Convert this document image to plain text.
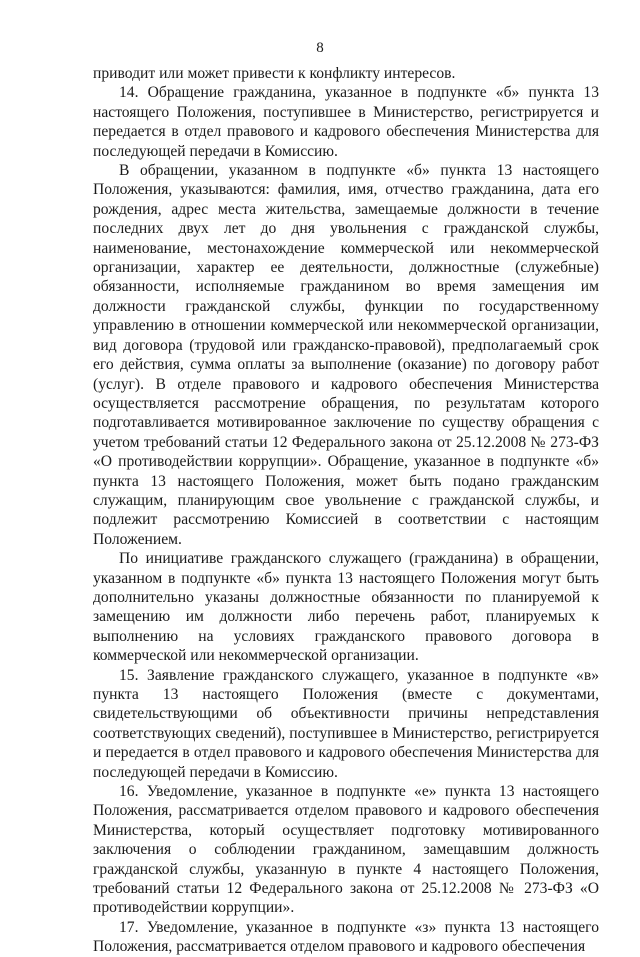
8

приводит или может привести к конфликту интересов.

14. Обращение гражданина, указанное в подпункте «б» пункта 13 настоящего Положения, поступившее в Министерство, регистрируется и передается в отдел правового и кадрового обеспечения Министерства для последующей передачи в Комиссию.

В обращении, указанном в подпункте «б» пункта 13 настоящего Положения, указываются: фамилия, имя, отчество гражданина, дата его рождения, адрес места жительства, замещаемые должности в течение последних двух лет до дня увольнения с гражданской службы, наименование, местонахождение коммерческой или некоммерческой организации, характер ее деятельности, должностные (служебные) обязанности, исполняемые гражданином во время замещения им должности гражданской службы, функции по государственному управлению в отношении коммерческой или некоммерческой организации, вид договора (трудовой или гражданско-правовой), предполагаемый срок его действия, сумма оплаты за выполнение (оказание) по договору работ (услуг). В отделе правового и кадрового обеспечения Министерства осуществляется рассмотрение обращения, по результатам которого подготавливается мотивированное заключение по существу обращения с учетом требований статьи 12 Федерального закона от 25.12.2008 № 273-ФЗ «О противодействии коррупции». Обращение, указанное в подпункте «б» пункта 13 настоящего Положения, может быть подано гражданским служащим, планирующим свое увольнение с гражданской службы, и подлежит рассмотрению Комиссией в соответствии с настоящим Положением.

По инициативе гражданского служащего (гражданина) в обращении, указанном в подпункте «б» пункта 13 настоящего Положения могут быть дополнительно указаны должностные обязанности по планируемой к замещению им должности либо перечень работ, планируемых к выполнению на условиях гражданского правового договора в коммерческой или некоммерческой организации.

15. Заявление гражданского служащего, указанное в подпункте «в» пункта 13 настоящего Положения (вместе с документами, свидетельствующими об объективности причины непредставления соответствующих сведений), поступившее в Министерство, регистрируется и передается в отдел правового и кадрового обеспечения Министерства для последующей передачи в Комиссию.

16. Уведомление, указанное в подпункте «е» пункта 13 настоящего Положения, рассматривается отделом правового и кадрового обеспечения Министерства, который осуществляет подготовку мотивированного заключения о соблюдении гражданином, замещавшим должность гражданской службы, указанную в пункте 4 настоящего Положения, требований статьи 12 Федерального закона от 25.12.2008 № 273-ФЗ «О противодействии коррупции».

17. Уведомление, указанное в подпункте «з» пункта 13 настоящего Положения, рассматривается отделом правового и кадрового обеспечения
